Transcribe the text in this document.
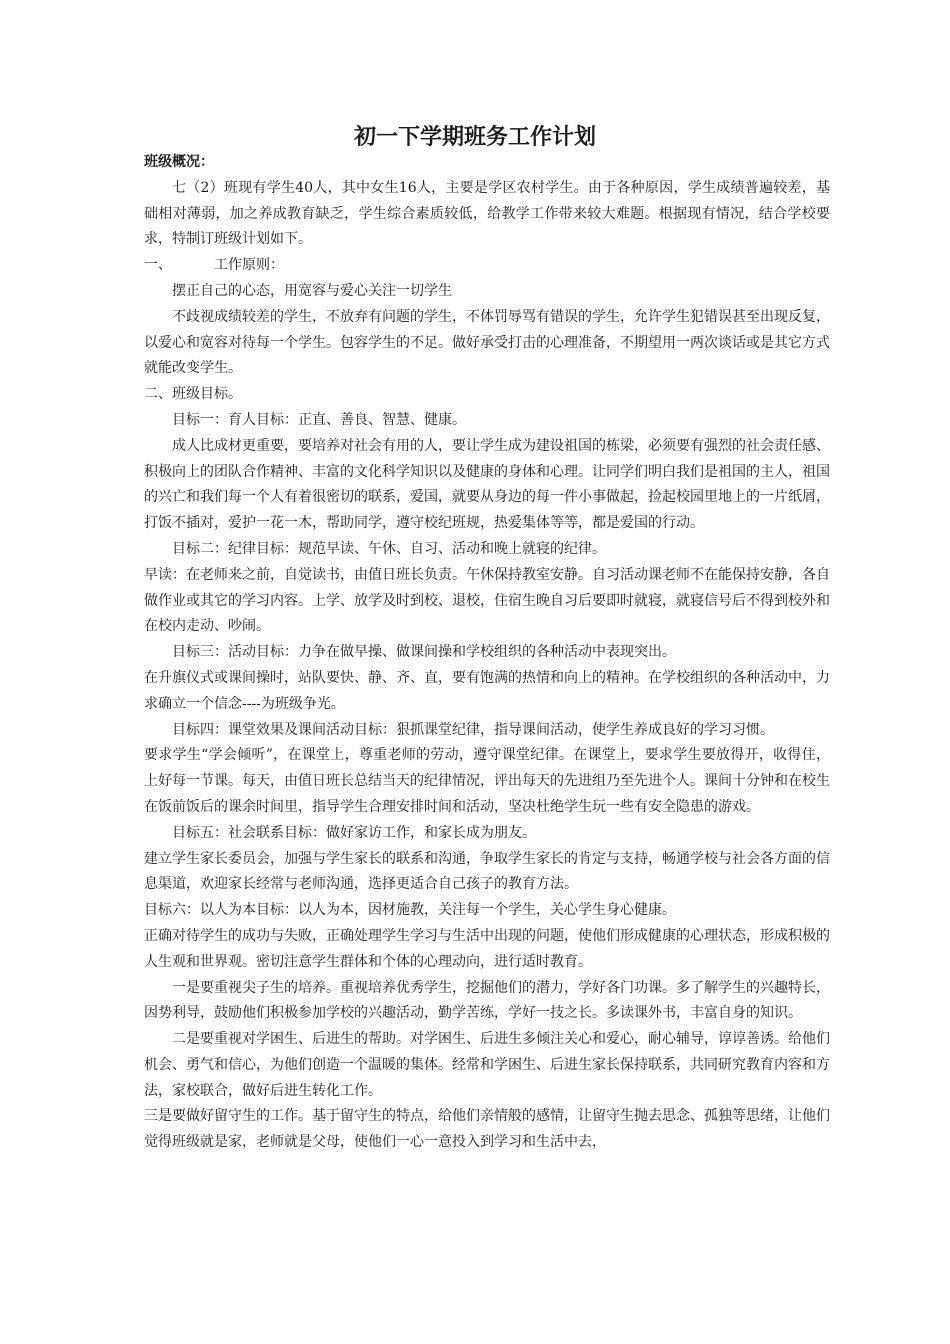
初一下学期班务工作计划

班级概况：

七（2）班现有学生40人，其中女生16人，主要是学区农村学生。由于各种原因，学生成绩普遍较差，基础相对薄弱，加之养成教育缺乏，学生综合素质较低，给教学工作带来较大难题。根据现有情况，结合学校要求，特制订班级计划如下。

一、	工作原则：

摆正自己的心态，用宽容与爱心关注一切学生

不歧视成绩较差的学生，不放弃有问题的学生，不体罚辱骂有错误的学生，允许学生犯错误甚至出现反复，以爱心和宽容对待每一个学生。包容学生的不足。做好承受打击的心理准备，不期望用一两次谈话或是其它方式就能改变学生。

二、班级目标。

目标一：育人目标：正直、善良、智慧、健康。

成人比成材更重要，要培养对社会有用的人，要让学生成为建设祖国的栋梁，必须要有强烈的社会责任感、积极向上的团队合作精神、丰富的文化科学知识以及健康的身体和心理。让同学们明白我们是祖国的主人，祖国的兴亡和我们每一个人有着很密切的联系，爱国，就要从身边的每一件小事做起，捡起校园里地上的一片纸屑，打饭不插对，爱护一花一木，帮助同学，遵守校纪班规，热爱集体等等，都是爱国的行动。

目标二：纪律目标：规范早读、午休、自习、活动和晚上就寝的纪律。

早读：在老师来之前，自觉读书，由值日班长负责。午休保持教室安静。自习活动课老师不在能保持安静，各自做作业或其它的学习内容。上学、放学及时到校、退校，住宿生晚自习后要即时就寝，就寝信号后不得到校外和在校内走动、吵闹。

目标三：活动目标：力争在做早操、做课间操和学校组织的各种活动中表现突出。

在升旗仪式或课间操时，站队要快、静、齐、直，要有饱满的热情和向上的精神。在学校组织的各种活动中，力求确立一个信念----为班级争光。

目标四：课堂效果及课间活动目标：狠抓课堂纪律，指导课间活动，使学生养成良好的学习习惯。

要求学生“学会倾听”，在课堂上，尊重老师的劳动，遵守课堂纪律。在课堂上，要求学生要放得开，收得住，上好每一节课。每天，由值日班长总结当天的纪律情况，评出每天的先进组乃至先进个人。课间十分钟和在校生在饭前饭后的课余时间里，指导学生合理安排时间和活动，坚决杜绝学生玩一些有安全隐患的游戏。

目标五：社会联系目标：做好家访工作，和家长成为朋友。

建立学生家长委员会，加强与学生家长的联系和沟通，争取学生家长的肯定与支持，畅通学校与社会各方面的信息渠道，欢迎家长经常与老师沟通，选择更适合自己孩子的教育方法。

目标六：以人为本目标：以人为本，因材施教，关注每一个学生，关心学生身心健康。

正确对待学生的成功与失败，正确处理学生学习与生活中出现的问题，使他们形成健康的心理状态，形成积极的人生观和世界观。密切注意学生群体和个体的心理动向，进行适时教育。

一是要重视尖子生的培养。重视培养优秀学生，挖掘他们的潜力，学好各门功课。多了解学生的兴趣特长，因势利导，鼓励他们积极参加学校的兴趣活动，勤学苦练，学好一技之长。多读课外书，丰富自身的知识。

二是要重视对学困生、后进生的帮助。对学困生、后进生多倾注关心和爱心，耐心辅导，谆谆善诱。给他们机会、勇气和信心，为他们创造一个温暖的集体。经常和学困生、后进生家长保持联系，共同研究教育内容和方法，家校联合，做好后进生转化工作。

三是要做好留守生的工作。基于留守生的特点，给他们亲情般的感情，让留守生抛去思念、孤独等思绪，让他们觉得班级就是家，老师就是父母，使他们一心一意投入到学习和生活中去，
